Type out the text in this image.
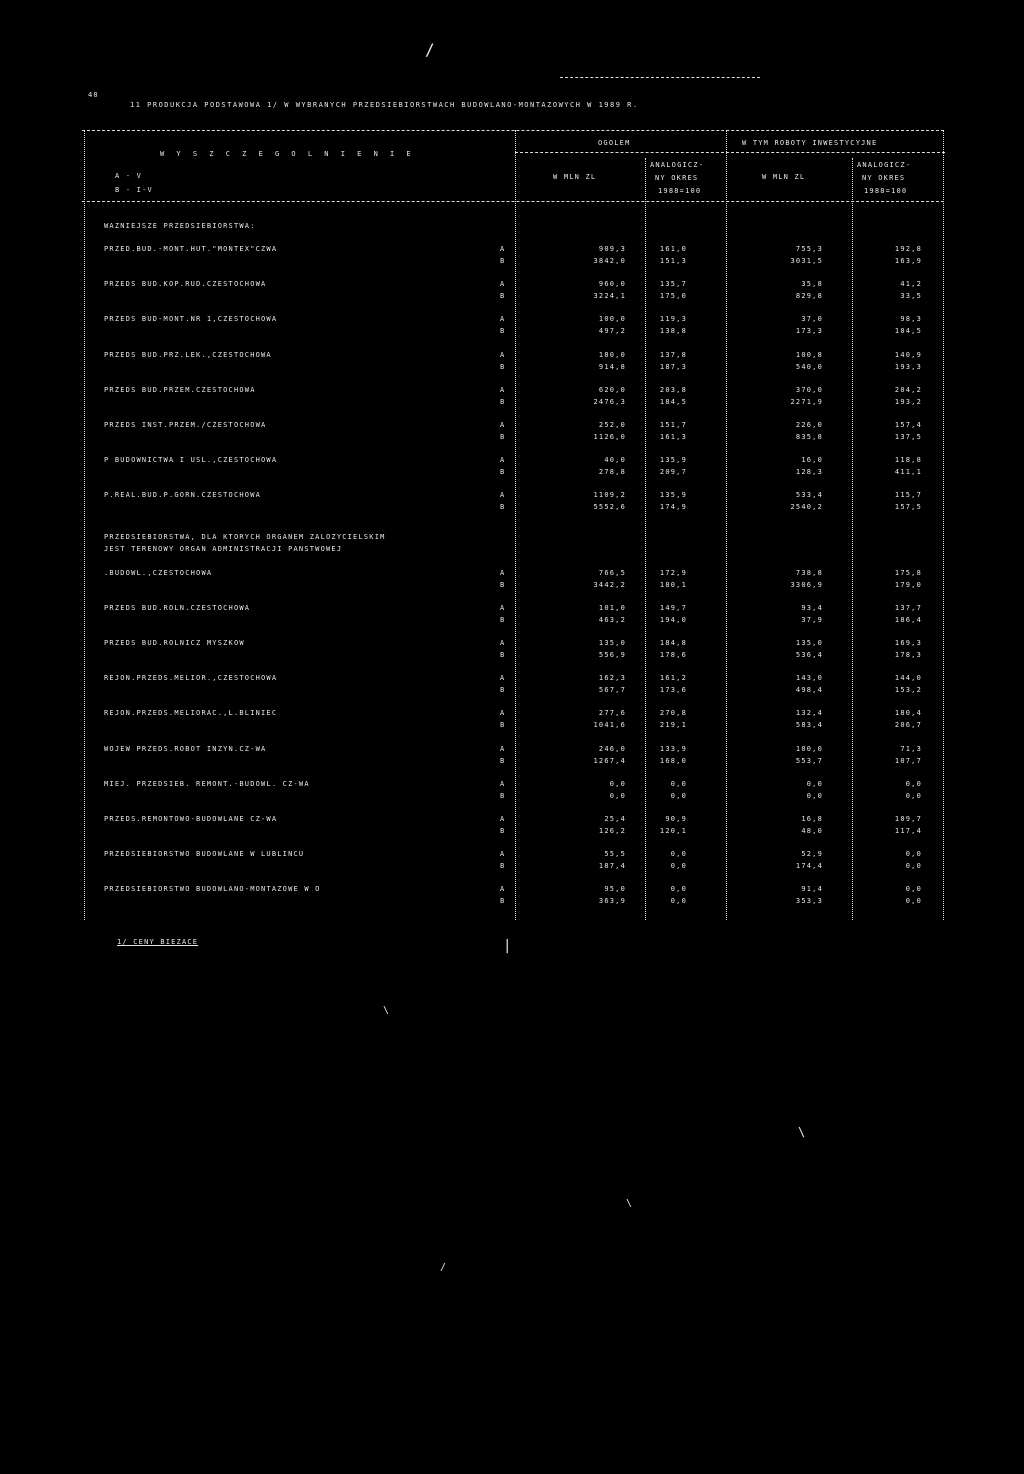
/
40
11 PRODUKCJA PODSTAWOWA 1/ W WYBRANYCH PRZEDSIEBIORSTWACH BUDOWLANO-MONTAZOWYCH W 1989 R.
W Y S Z C Z E G O L N I E N I E
A - V
B - I-V
OGOLEM	W TYM ROBOTY INWESTYCYJNE
W MLN ZL
ANALOGICZ-
NY OKRES
1988=100
W MLN ZL
ANALOGICZ-
NY OKRES
1988=100
WAZNIEJSZE PRZEDSIEBIORSTWA:
PRZEDSIEBIORSTWA, DLA KTORYCH ORGANEM ZALOZYCIELSKIM
JEST TERENOWY ORGAN ADMINISTRACJI PANSTWOWEJ
PRZED.BUD.-MONT.HUT."MONTEX"CZWA	A	909,3	161,0	755,3	192,8
B	3842,0	151,3	3031,5	163,9
PRZEDS BUD.KOP.RUD.CZESTOCHOWA	A	960,0	135,7	35,8	41,2
B	3224,1	175,0	829,8	33,5
PRZEDS BUD-MONT.NR 1,CZESTOCHOWA	A	100,0	119,3	37,0	98,3
B	497,2	138,8	173,3	104,5
PRZEDS BUD.PRZ.LEK.,CZESTOCHOWA	A	180,0	137,8	100,8	140,9
B	914,8	187,3	540,0	193,3
PRZEDS BUD.PRZEM.CZESTOCHOWA	A	620,0	203,8	370,0	204,2
B	2476,3	184,5	2271,9	193,2
PRZEDS INST.PRZEM./CZESTOCHOWA	A	252,0	151,7	226,0	157,4
B	1126,0	161,3	835,8	137,5
P BUDOWNICTWA I USL.,CZESTOCHOWA	A	40,0	135,9	16,0	118,8
B	278,8	209,7	128,3	411,1
P.REAL.BUD.P.GORN.CZESTOCHOWA	A	1109,2	135,9	533,4	115,7
B	5552,6	174,9	2540,2	157,5
.BUDOWL.,CZESTOCHOWA	A	766,5	172,9	738,8	175,8
B	3442,2	180,1	3306,9	179,0
PRZEDS BUD.ROLN.CZESTOCHOWA	A	101,0	149,7	93,4	137,7
B	463,2	194,0	37,9	186,4
PRZEDS BUD.ROLNICZ MYSZKOW	A	135,0	184,8	135,0	169,3
B	556,9	178,6	536,4	178,3
REJON.PRZEDS.MELIOR.,CZESTOCHOWA	A	162,3	161,2	143,0	144,0
B	567,7	173,6	498,4	153,2
REJON.PRZEDS.MELIORAC.,L.BLINIEC	A	277,6	270,8	132,4	180,4
B	1041,6	219,1	583,4	206,7
WOJEW PRZEDS.ROBOT INZYN.CZ-WA	A	246,0	133,9	100,0	71,3
B	1267,4	168,0	553,7	107,7
MIEJ. PRZEDSIEB. REMONT.-BUDOWL. CZ-WA	A	0,0	0,0	0,0	0,0
B	0,0	0,0	0,0	0,0
PRZEDS.REMONTOWO-BUDOWLANE CZ-WA	A	25,4	90,9	16,8	109,7
B	126,2	120,1	48,0	117,4
PRZEDSIEBIORSTWO BUDOWLANE W LUBLINCU	A	55,5	0,0	52,9	0,0
B	187,4	0,0	174,4	0,0
PRZEDSIEBIORSTWO BUDOWLANO-MONTAZOWE W O	A	95,0	0,0	91,4	0,0
B	363,9	0,0	353,3	0,0
1/ CENY BIEZACE	|
\
\
\
/
